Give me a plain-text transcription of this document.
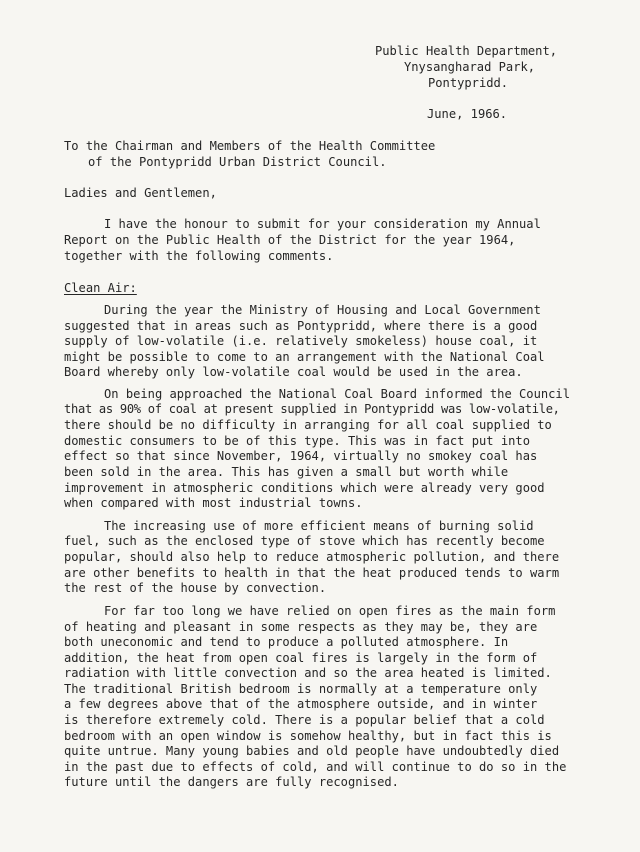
Public Health Department,
Ynysangharad Park,
Pontypridd.
June, 1966.
To the Chairman and Members of the Health Committee
of the Pontypridd Urban District Council.
Ladies and Gentlemen,
I have the honour to submit for your consideration my Annual
Report on the Public Health of the District for the year 1964,
together with the following comments.
Clean Air:
During the year the Ministry of Housing and Local Government
suggested that in areas such as Pontypridd, where there is a good
supply of low-volatile (i.e. relatively smokeless) house coal, it
might be possible to come to an arrangement with the National Coal
Board whereby only low-volatile coal would be used in the area.
On being approached the National Coal Board informed the Council
that as 90% of coal at present supplied in Pontypridd was low-volatile,
there should be no difficulty in arranging for all coal supplied to
domestic consumers to be of this type. This was in fact put into
effect so that since November, 1964, virtually no smokey coal has
been sold in the area. This has given a small but worth while
improvement in atmospheric conditions which were already very good
when compared with most industrial towns.
The increasing use of more efficient means of burning solid
fuel, such as the enclosed type of stove which has recently become
popular, should also help to reduce atmospheric pollution, and there
are other benefits to health in that the heat produced tends to warm
the rest of the house by convection.
For far too long we have relied on open fires as the main form
of heating and pleasant in some respects as they may be, they are
both uneconomic and tend to produce a polluted atmosphere. In
addition, the heat from open coal fires is largely in the form of
radiation with little convection and so the area heated is limited.
The traditional British bedroom is normally at a temperature only
a few degrees above that of the atmosphere outside, and in winter
is therefore extremely cold. There is a popular belief that a cold
bedroom with an open window is somehow healthy, but in fact this is
quite untrue. Many young babies and old people have undoubtedly died
in the past due to effects of cold, and will continue to do so in the
future until the dangers are fully recognised.
